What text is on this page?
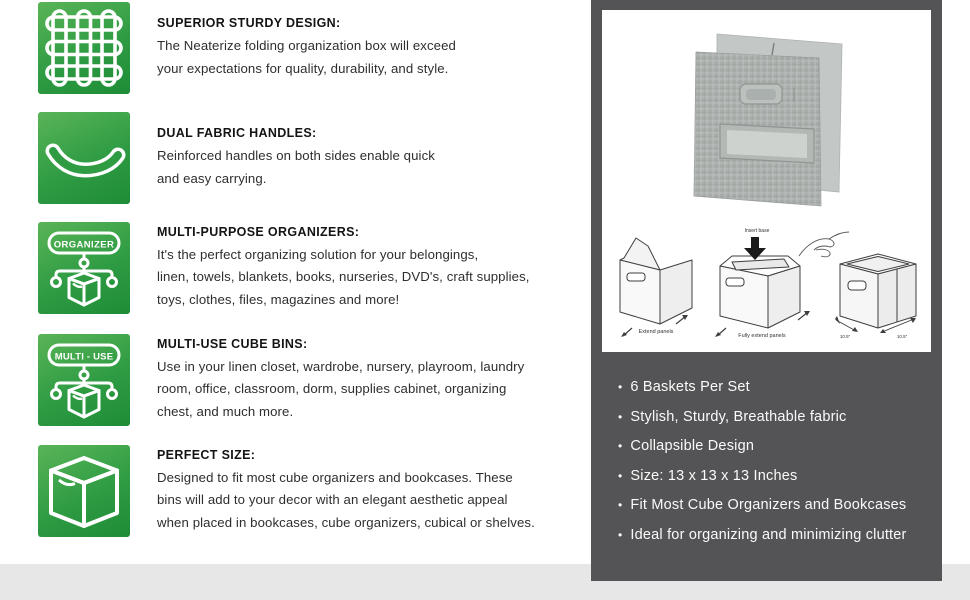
SUPERIOR STURDY DESIGN:
The Neaterize folding organization box will exceed
your expectations for quality, durability, and style.
DUAL FABRIC HANDLES:
Reinforced handles on both sides enable quick
and easy carrying.
ORGANIZER
MULTI-PURPOSE ORGANIZERS:
It's the perfect organizing solution for your belongings,
linen, towels, blankets, books, nurseries, DVD's, craft supplies,
toys, clothes, files, magazines and more!
MULTI - USE
MULTI-USE CUBE BINS:
Use in your linen closet, wardrobe, nursery, playroom, laundry
room, office, classroom, dorm, supplies cabinet, organizing
chest, and much more.
PERFECT SIZE:
Designed to fit most cube organizers and bookcases. These
bins will add to your decor with an elegant aesthetic appeal
when placed in bookcases, cube organizers, cubical or shelves.
Extend panels
Insert base
Fully extend panels	10.5"	10.5"
• 6 Baskets Per Set
• Stylish, Sturdy, Breathable fabric
• Collapsible Design
• Size: 13 x 13 x 13 Inches
• Fit Most Cube Organizers and Bookcases
• Ideal for organizing and minimizing clutter
